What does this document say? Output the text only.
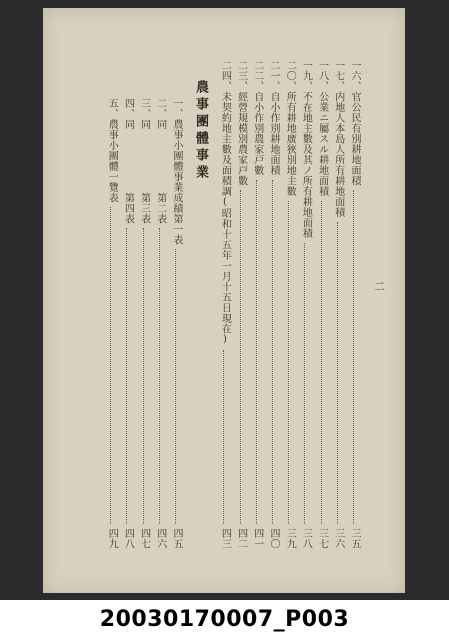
二
農事團體事業	一六、官公民有別耕地面積
三五
一七、内地人本島人所有耕地面積
三六
一八、公業ニ屬スル耕地面積
三七
一九、不在地主數及其ノ所有耕地面積
三八
二〇、所有耕地廣狹別地主數
三九
二一、自小作別耕地面積
四〇
二二、自小作別農家戸數
四一
二三、經營規模別農家戸數
四二
二四、未契約地主數及面積調(昭和十五年一月十五日現在)
四三
一、農事小團體事業成績第一表
四五
二、同　　　　　　第二表
四六
三、同　　　　　　第三表
四七
四、同　　　　　　第四表
四八
五、農事小團體一覽表
四九
20030170007_P003
